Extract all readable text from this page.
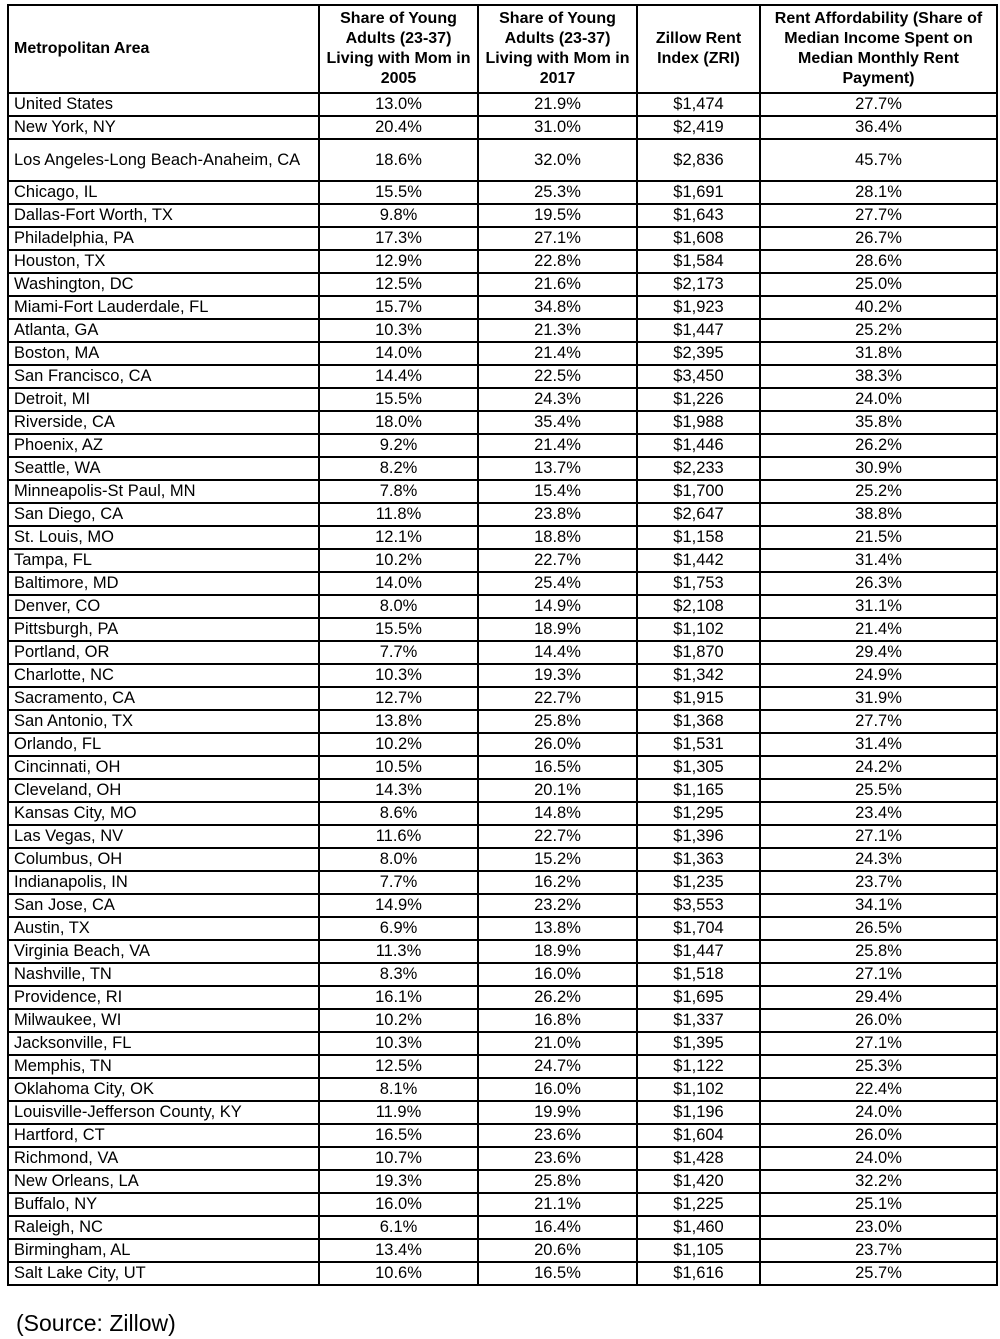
Metropolitan Area	Share of Young Adults (23-37) Living with Mom in 2005	Share of Young Adults (23-37) Living with Mom in 2017	Zillow Rent Index (ZRI)	Rent Affordability (Share of Median Income Spent on Median Monthly Rent Payment)
United States	13.0%	21.9%	$1,474	27.7%
New York, NY	20.4%	31.0%	$2,419	36.4%
Los Angeles-Long Beach-Anaheim, CA	18.6%	32.0%	$2,836	45.7%
Chicago, IL	15.5%	25.3%	$1,691	28.1%
Dallas-Fort Worth, TX	9.8%	19.5%	$1,643	27.7%
Philadelphia, PA	17.3%	27.1%	$1,608	26.7%
Houston, TX	12.9%	22.8%	$1,584	28.6%
Washington, DC	12.5%	21.6%	$2,173	25.0%
Miami-Fort Lauderdale, FL	15.7%	34.8%	$1,923	40.2%
Atlanta, GA	10.3%	21.3%	$1,447	25.2%
Boston, MA	14.0%	21.4%	$2,395	31.8%
San Francisco, CA	14.4%	22.5%	$3,450	38.3%
Detroit, MI	15.5%	24.3%	$1,226	24.0%
Riverside, CA	18.0%	35.4%	$1,988	35.8%
Phoenix, AZ	9.2%	21.4%	$1,446	26.2%
Seattle, WA	8.2%	13.7%	$2,233	30.9%
Minneapolis-St Paul, MN	7.8%	15.4%	$1,700	25.2%
San Diego, CA	11.8%	23.8%	$2,647	38.8%
St. Louis, MO	12.1%	18.8%	$1,158	21.5%
Tampa, FL	10.2%	22.7%	$1,442	31.4%
Baltimore, MD	14.0%	25.4%	$1,753	26.3%
Denver, CO	8.0%	14.9%	$2,108	31.1%
Pittsburgh, PA	15.5%	18.9%	$1,102	21.4%
Portland, OR	7.7%	14.4%	$1,870	29.4%
Charlotte, NC	10.3%	19.3%	$1,342	24.9%
Sacramento, CA	12.7%	22.7%	$1,915	31.9%
San Antonio, TX	13.8%	25.8%	$1,368	27.7%
Orlando, FL	10.2%	26.0%	$1,531	31.4%
Cincinnati, OH	10.5%	16.5%	$1,305	24.2%
Cleveland, OH	14.3%	20.1%	$1,165	25.5%
Kansas City, MO	8.6%	14.8%	$1,295	23.4%
Las Vegas, NV	11.6%	22.7%	$1,396	27.1%
Columbus, OH	8.0%	15.2%	$1,363	24.3%
Indianapolis, IN	7.7%	16.2%	$1,235	23.7%
San Jose, CA	14.9%	23.2%	$3,553	34.1%
Austin, TX	6.9%	13.8%	$1,704	26.5%
Virginia Beach, VA	11.3%	18.9%	$1,447	25.8%
Nashville, TN	8.3%	16.0%	$1,518	27.1%
Providence, RI	16.1%	26.2%	$1,695	29.4%
Milwaukee, WI	10.2%	16.8%	$1,337	26.0%
Jacksonville, FL	10.3%	21.0%	$1,395	27.1%
Memphis, TN	12.5%	24.7%	$1,122	25.3%
Oklahoma City, OK	8.1%	16.0%	$1,102	22.4%
Louisville-Jefferson County, KY	11.9%	19.9%	$1,196	24.0%
Hartford, CT	16.5%	23.6%	$1,604	26.0%
Richmond, VA	10.7%	23.6%	$1,428	24.0%
New Orleans, LA	19.3%	25.8%	$1,420	32.2%
Buffalo, NY	16.0%	21.1%	$1,225	25.1%
Raleigh, NC	6.1%	16.4%	$1,460	23.0%
Birmingham, AL	13.4%	20.6%	$1,105	23.7%
Salt Lake City, UT	10.6%	16.5%	$1,616	25.7%
(Source: Zillow)
